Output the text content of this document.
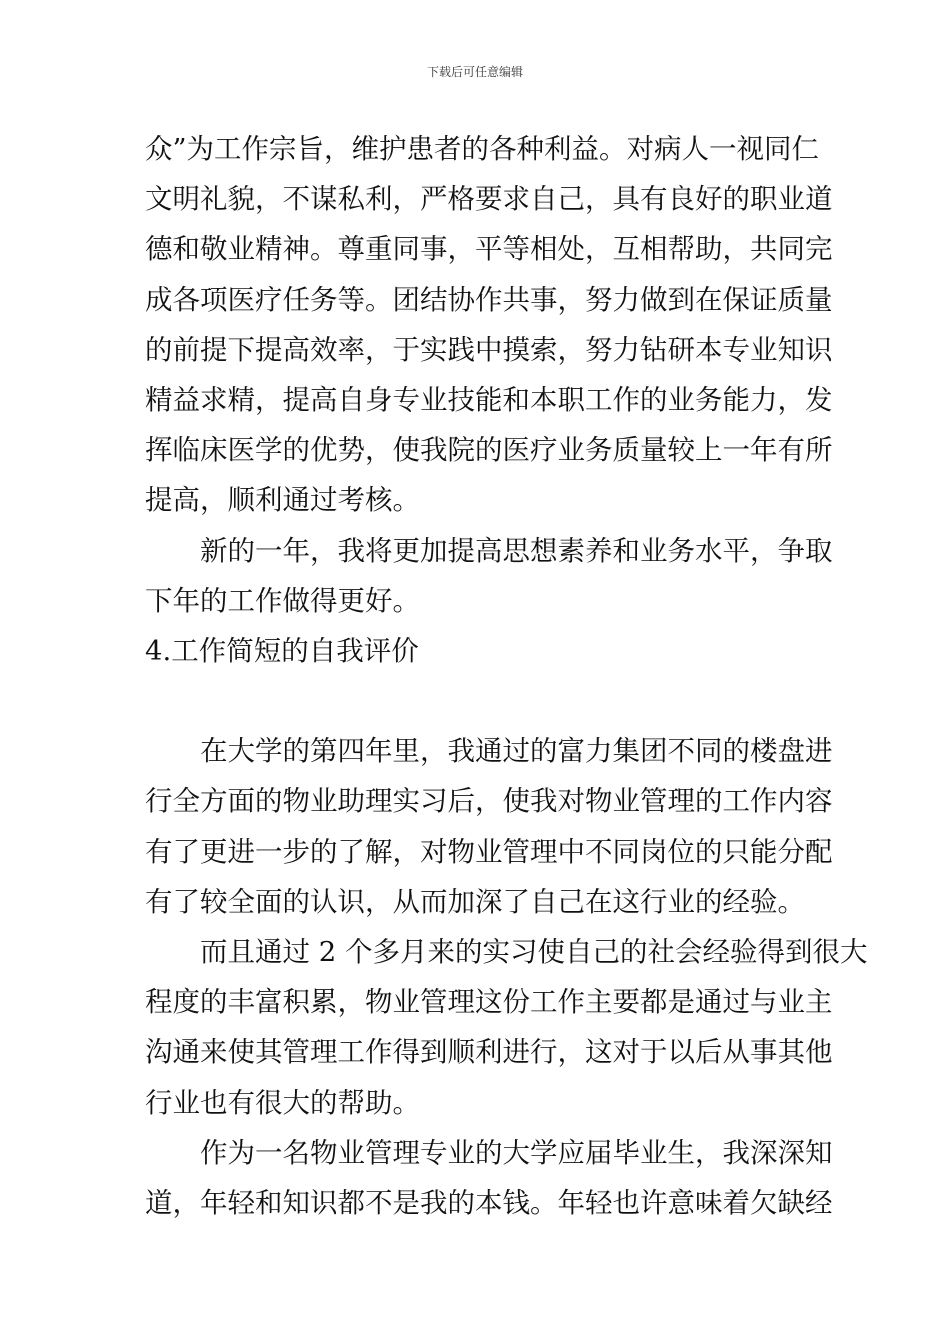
下载后可任意编辑
众”为工作宗旨，维护患者的各种利益。对病人一视同仁
文明礼貌，不谋私利，严格要求自己，具有良好的职业道
德和敬业精神。尊重同事，平等相处，互相帮助，共同完
成各项医疗任务等。团结协作共事，努力做到在保证质量
的前提下提高效率，于实践中摸索，努力钻研本专业知识
精益求精，提高自身专业技能和本职工作的业务能力，发
挥临床医学的优势，使我院的医疗业务质量较上一年有所
提高，顺利通过考核。
新的一年，我将更加提高思想素养和业务水平，争取
下年的工作做得更好。
4.工作简短的自我评价
在大学的第四年里，我通过的富力集团不同的楼盘进
行全方面的物业助理实习后，使我对物业管理的工作内容
有了更进一步的了解，对物业管理中不同岗位的只能分配
有了较全面的认识，从而加深了自己在这行业的经验。
而且通过 2 个多月来的实习使自己的社会经验得到很大
程度的丰富积累，物业管理这份工作主要都是通过与业主
沟通来使其管理工作得到顺利进行，这对于以后从事其他
行业也有很大的帮助。
作为一名物业管理专业的大学应届毕业生，我深深知
道，年轻和知识都不是我的本钱。年轻也许意味着欠缺经
